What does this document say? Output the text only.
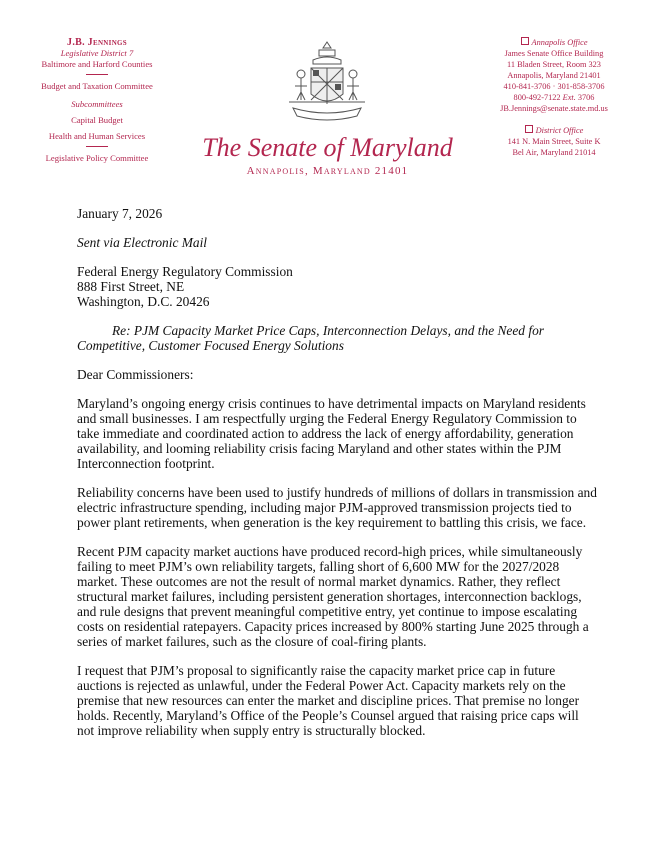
J.B. Jennings
Legislative District 7
Baltimore and Harford Counties
Budget and Taxation Committee
Subcommittees
Capital Budget
Health and Human Services
Legislative Policy Committee	The Senate of Maryland
Annapolis, Maryland 21401
Annapolis Office
James Senate Office Building
11 Bladen Street, Room 323
Annapolis, Maryland 21401
410-841-3706 · 301-858-3706
800-492-7122 Ext. 3706
JB.Jennings@senate.state.md.us
District Office
141 N. Main Street, Suite K
Bel Air, Maryland 21014
January 7, 2026
Sent via Electronic Mail
Federal Energy Regulatory Commission
888 First Street, NE
Washington, D.C. 20426
Re: PJM Capacity Market Price Caps, Interconnection Delays, and the Need for
Competitive, Customer Focused Energy Solutions
Dear Commissioners:
Maryland’s ongoing energy crisis continues to have detrimental impacts on Maryland residents
and small businesses. I am respectfully urging the Federal Energy Regulatory Commission to
take immediate and coordinated action to address the lack of energy affordability, generation
availability, and looming reliability crisis facing Maryland and other states within the PJM
Interconnection footprint.
Reliability concerns have been used to justify hundreds of millions of dollars in transmission and
electric infrastructure spending, including major PJM-approved transmission projects tied to
power plant retirements, when generation is the key requirement to battling this crisis, we face.
Recent PJM capacity market auctions have produced record-high prices, while simultaneously
failing to meet PJM’s own reliability targets, falling short of 6,600 MW for the 2027/2028
market. These outcomes are not the result of normal market dynamics. Rather, they reflect
structural market failures, including persistent generation shortages, interconnection backlogs,
and rule designs that prevent meaningful competitive entry, yet continue to impose escalating
costs on residential ratepayers. Capacity prices increased by 800% starting June 2025 through a
series of market failures, such as the closure of coal-firing plants.
I request that PJM’s proposal to significantly raise the capacity market price cap in future
auctions is rejected as unlawful, under the Federal Power Act. Capacity markets rely on the
premise that new resources can enter the market and discipline prices. That premise no longer
holds. Recently, Maryland’s Office of the People’s Counsel argued that raising price caps will
not improve reliability when supply entry is structurally blocked.
